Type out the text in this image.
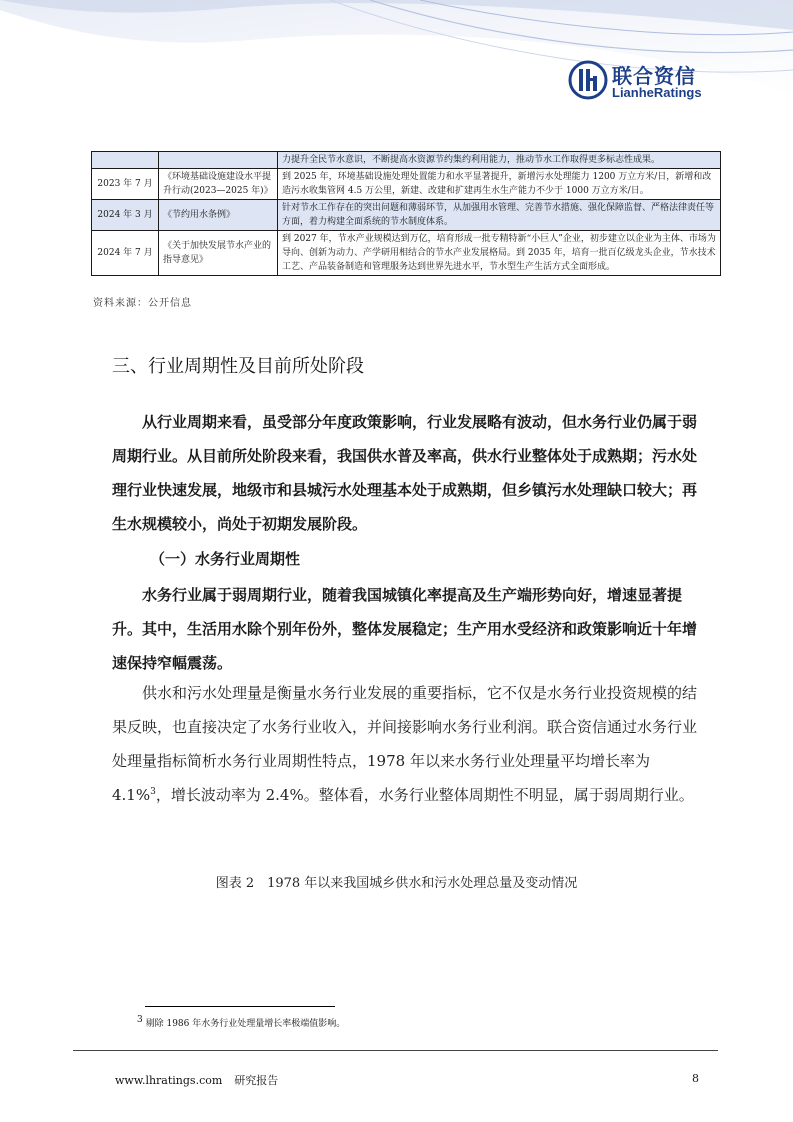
联合资信
LianheRatings
		力提升全民节水意识，不断提高水资源节约集约利用能力，推动节水工作取得更多标志性成果。
2023 年 7 月	《环境基础设施建设水平提升行动(2023—2025 年)》	到 2025 年，环境基础设施处理处置能力和水平显著提升，新增污水处理能力 1200 万立方米/日，新增和改造污水收集管网 4.5 万公里，新建、改建和扩建再生水生产能力不少于 1000 万立方米/日。
2024 年 3 月	《节约用水条例》	针对节水工作存在的突出问题和薄弱环节，从加强用水管理、完善节水措施、强化保障监督、严格法律责任等方面，着力构建全面系统的节水制度体系。
2024 年 7 月	《关于加快发展节水产业的指导意见》	到 2027 年，节水产业规模达到万亿，培育形成一批专精特新“小巨人”企业，初步建立以企业为主体、市场为导向、创新为动力、产学研用相结合的节水产业发展格局。到 2035 年，培育一批百亿级龙头企业，节水技术工艺、产品装备制造和管理服务达到世界先进水平，节水型生产生活方式全面形成。
资料来源：公开信息
三、行业周期性及目前所处阶段

从行业周期来看，虽受部分年度政策影响，行业发展略有波动，但水务行业仍属于弱周期行业。从目前所处阶段来看，我国供水普及率高，供水行业整体处于成熟期；污水处理行业快速发展，地级市和县城污水处理基本处于成熟期，但乡镇污水处理缺口较大；再生水规模较小，尚处于初期发展阶段。

（一）水务行业周期性

水务行业属于弱周期行业，随着我国城镇化率提高及生产端形势向好，增速显著提升。其中，生活用水除个别年份外，整体发展稳定；生产用水受经济和政策影响近十年增速保持窄幅震荡。

供水和污水处理量是衡量水务行业发展的重要指标，它不仅是水务行业投资规模的结果反映，也直接决定了水务行业收入，并间接影响水务行业利润。联合资信通过水务行业处理量指标简析水务行业周期性特点，1978 年以来水务行业处理量平均增长率为 4.1%$^3$，增长波动率为 2.4%。整体看，水务行业整体周期性不明显，属于弱周期行业。

图表 2　1978 年以来我国城乡供水和污水处理总量及变动情况
$^3$ 剔除 1986 年水务行业处理量增长率极端值影响。
www.lhratings.com 研究报告	8
